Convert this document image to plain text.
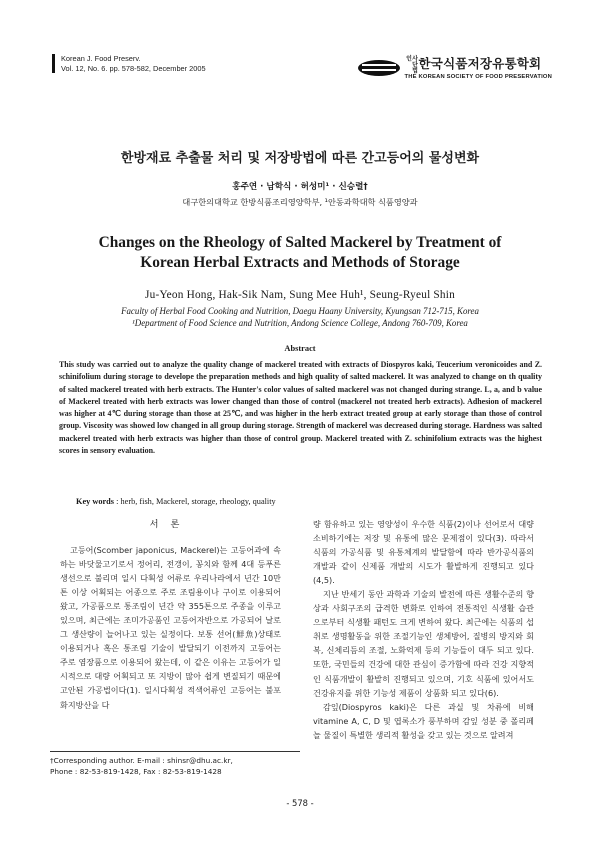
Korean J. Food Preserv.
Vol. 12, No. 6. pp. 578-582, December 2005	사단법인 한국식품저장유통학회
THE KOREAN SOCIETY OF FOOD PRESERVATION
한방재료 추출물 처리 및 저장방법에 따른 간고등어의 물성변화
홍주연 · 남학식 · 허성미¹ · 신승렬†
대구한의대학교 한방식품조리영양학부, ¹안동과학대학 식품영양과
Changes on the Rheology of Salted Mackerel by Treatment of
Korean Herbal Extracts and Methods of Storage
Ju-Yeon Hong, Hak-Sik Nam, Sung Mee Huh¹, Seung-Ryeul Shin
Faculty of Herbal Food Cooking and Nutrition, Daegu Haany University, Kyungsan 712-715, Korea
¹Department of Food Science and Nutrition, Andong Science College, Andong 760-709, Korea
Abstract
This study was carried out to analyze the quality change of mackerel treated with extracts of Diospyros kaki, Teucerium veronicoides and Z. schinifolium during storage to develope the preparation methods and high quality of salted mackerel. It was analyzed to change on th quality of salted mackerel treated with herb extracts. The Hunter's color values of salted mackerel was not changed during strange. L, a, and b value of Mackerel treated with herb extracts was lower changed than those of control (mackerel not treated herb extracts). Adhesion of mackerel was higher at 4℃ during storage than those at 25℃, and was higher in the herb extract treated group at early storage than those of control group. Viscosity was showed low changed in all group during storage. Strength of mackerel was decreased during storage. Hardness was salted mackerel treated with herb extracts was higher than those of control group. Mackerel treated with Z. schinifolium extracts was the highest scores in sensory evaluation.
Key words : herb, fish, Mackerel, storage, rheology, quality
서론

고등어(Scomber japonicus, Mackerel)는 고등어과에 속하는 바닷물고기로서 정어리, 전갱이, 꽁치와 함께 4대 등푸른 생선으로 불리며 일시 다획성 어류로 우리나라에서 년간 10만톤 이상 어획되는 어종으로 주로 조림용이나 구이로 이용되어 왔고, 가공품으로 통조림이 년간 약 355톤으로 주종을 이루고 있으며, 최근에는 조미가공품인 고등어자반으로 가공되어 날로 그 생산량이 늘어나고 있는 실정이다. 보통 선어(鮮魚)상태로 이용되거나 혹은 통조림 기술이 발달되기 이전까지 고등어는 주로 염장품으로 이용되어 왔는데, 이 같은 이유는 고등어가 일시적으로 대량 어획되고 또 지방이 많아 쉽게 변질되기 때문에 고안된 가공법이다(1). 일시다획성 적색어류인 고등어는 불포화지방산을 다

량 함유하고 있는 영양성이 우수한 식품(2)이나 선어로서 대량 소비하기에는 저장 및 유통에 많은 문제점이 있다(3). 따라서 식품의 가공식품 및 유통체계의 발달함에 따라 반가공식품의 개발과 같이 신제품 개발의 시도가 활발하게 진행되고 있다(4,5).

지난 반세기 동안 과학과 기술의 발전에 따른 생활수준의 향상과 사회구조의 급격한 변화로 인하여 전통적인 식생활 습관으로부터 식생활 패턴도 크게 변하여 왔다. 최근에는 식품의 섭취로 생명활동을 위한 조절기능인 생체방어, 질병의 방지와 회복, 신체리듬의 조절, 노화억제 등의 기능들이 대두 되고 있다. 또한, 국민들의 건강에 대한 관심이 증가함에 따라 건강 지향적인 식품개발이 활발히 진행되고 있으며, 기호 식품에 있어서도 건강유지를 위한 기능성 제품이 상품화 되고 있다(6).

감잎(Diospyros kaki)은 다른 과실 및 차류에 비해 vitamine A, C, D 및 엽록소가 풍부하며 감잎 성분 중 폴리페놀 물질이 특별한 생리적 활성을 갖고 있는 것으로 알려져

†Corresponding author. E-mail : shinsr@dhu.ac.kr,
Phone : 82-53-819-1428, Fax : 82-53-819-1428
- 578 -
